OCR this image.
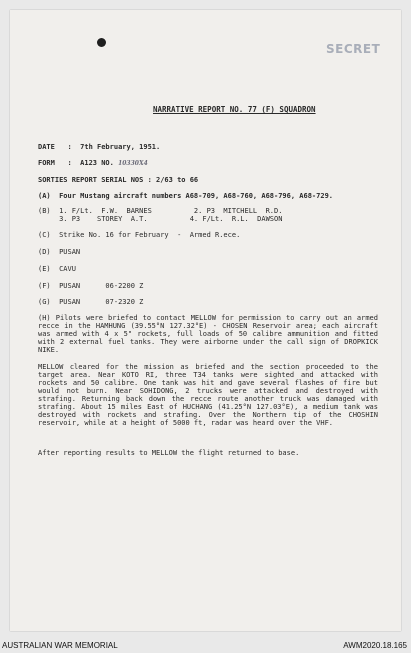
SECRET
NARRATIVE REPORT NO. 77 (F) SQUADRON
DATE   :  7th February, 1951.
FORM   :  A123 NO. 10330X4
SORTIES REPORT SERIAL NOS : 2/63 to 66
(A)  Four Mustang aircraft numbers A68-709, A68-760, A68-796, A68-729.
(B)  1. F/Lt.  F.W.  BARNES          2. P3  MITCHELL  R.D.
3. P3    STOREY  A.T.          4. F/Lt.  R.L.  DAWSON
(C)  Strike No. 16 for February  -  Armed R.ece.
(D)  PUSAN
(E)  CAVU
(F)  PUSAN      06-2200 Z
(G)  PUSAN      07-2320 Z
(H) Pilots were briefed to contact MELLOW for permission to carry out an armed recce in the HAMHUNG (39.55°N 127.32°E) - CHOSEN Reservoir area; each aircraft was armed with 4 x 5" rockets, full loads of 50 calibre ammunition and fitted with 2 external fuel tanks. They were airborne under the call sign of DROPKICK NIKE.
MELLOW cleared for the mission as briefed and the section proceeded to the target area. Near KOTO RI, three T34 tanks were sighted and attacked with rockets and 50 calibre. One tank was hit and gave several flashes of fire but would not burn. Near SOHIDONG, 2 trucks were attacked and destroyed with strafing. Returning back down the recce route another truck was damaged with strafing. About 15 miles East of HUCHANG (41.25°N 127.03°E), a medium tank was destroyed with rockets and strafing. Over the Northern tip of the CHOSHIN reservoir, while at a height of 5000 ft, radar was heard over the VHF.
After reporting results to MELLOW the flight returned to base.
AUSTRALIAN WAR MEMORIAL	AWM2020.18.165
